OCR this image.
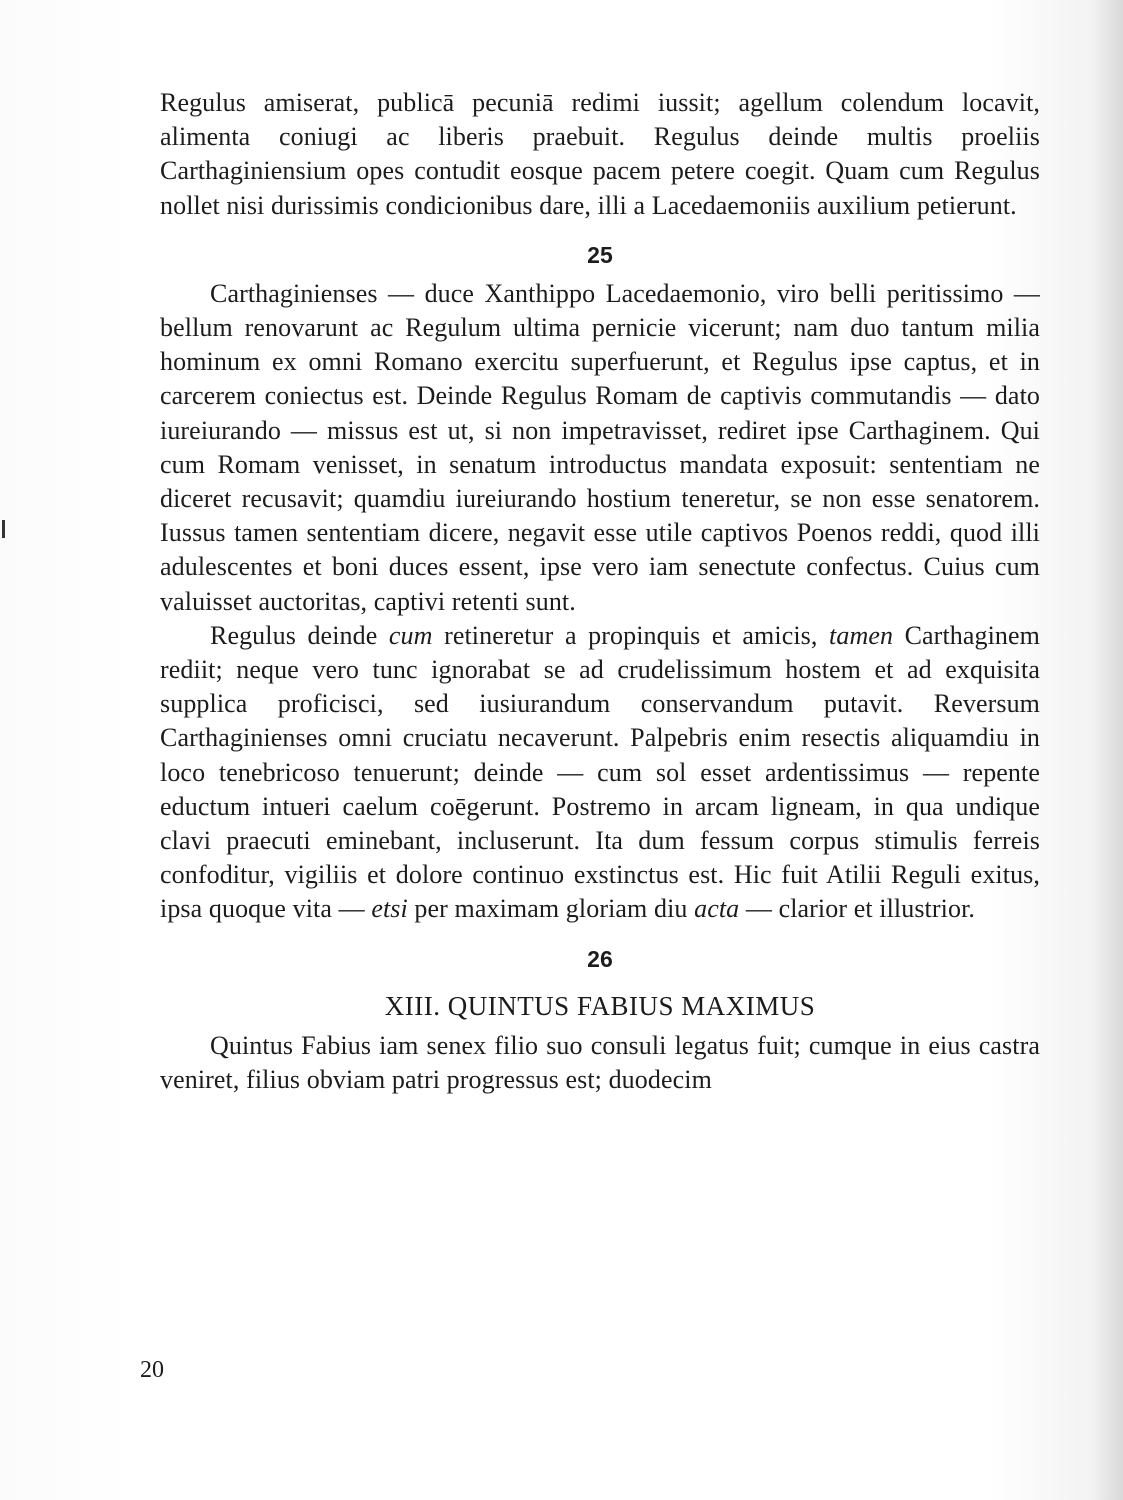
Regulus amiserat, publicā pecuniā redimi iussit; agellum colendum locavit, alimenta coniugi ac liberis praebuit. Regulus deinde multis proeliis Carthaginiensium opes contudit eosque pacem petere coegit. Quam cum Regulus nollet nisi durissimis condicionibus dare, illi a Lacedaemoniis auxilium petierunt.

25

Carthaginienses — duce Xanthippo Lacedaemonio, viro belli peritissimo — bellum renovarunt ac Regulum ultima pernicie vicerunt; nam duo tantum milia hominum ex omni Romano exercitu superfuerunt, et Regulus ipse captus, et in carcerem coniectus est. Deinde Regulus Romam de captivis commutandis — dato iureiurando — missus est ut, si non impetravisset, rediret ipse Carthaginem. Qui cum Romam venisset, in senatum introductus mandata exposuit: sententiam ne diceret recusavit; quamdiu iureiurando hostium teneretur, se non esse senatorem. Iussus tamen sententiam dicere, negavit esse utile captivos Poenos reddi, quod illi adulescentes et boni duces essent, ipse vero iam senectute confectus. Cuius cum valuisset auctoritas, captivi retenti sunt.

Regulus deinde cum retineretur a propinquis et amicis, tamen Carthaginem rediit; neque vero tunc ignorabat se ad crudelissimum hostem et ad exquisita supplica proficisci, sed iusiurandum conservandum putavit. Reversum Carthaginienses omni cruciatu necaverunt. Palpebris enim resectis aliquamdiu in loco tenebricoso tenuerunt; deinde — cum sol esset ardentissimus — repente eductum intueri caelum coēgerunt. Postremo in arcam ligneam, in qua undique clavi praecuti eminebant, incluserunt. Ita dum fessum corpus stimulis ferreis confoditur, vigiliis et dolore continuo exstinctus est. Hic fuit Atilii Reguli exitus, ipsa quoque vita — etsi per maximam gloriam diu acta — clarior et illustrior.

26
XIII. QUINTUS FABIUS MAXIMUS

Quintus Fabius iam senex filio suo consuli legatus fuit; cumque in eius castra veniret, filius obviam patri progressus est; duodecim

20
